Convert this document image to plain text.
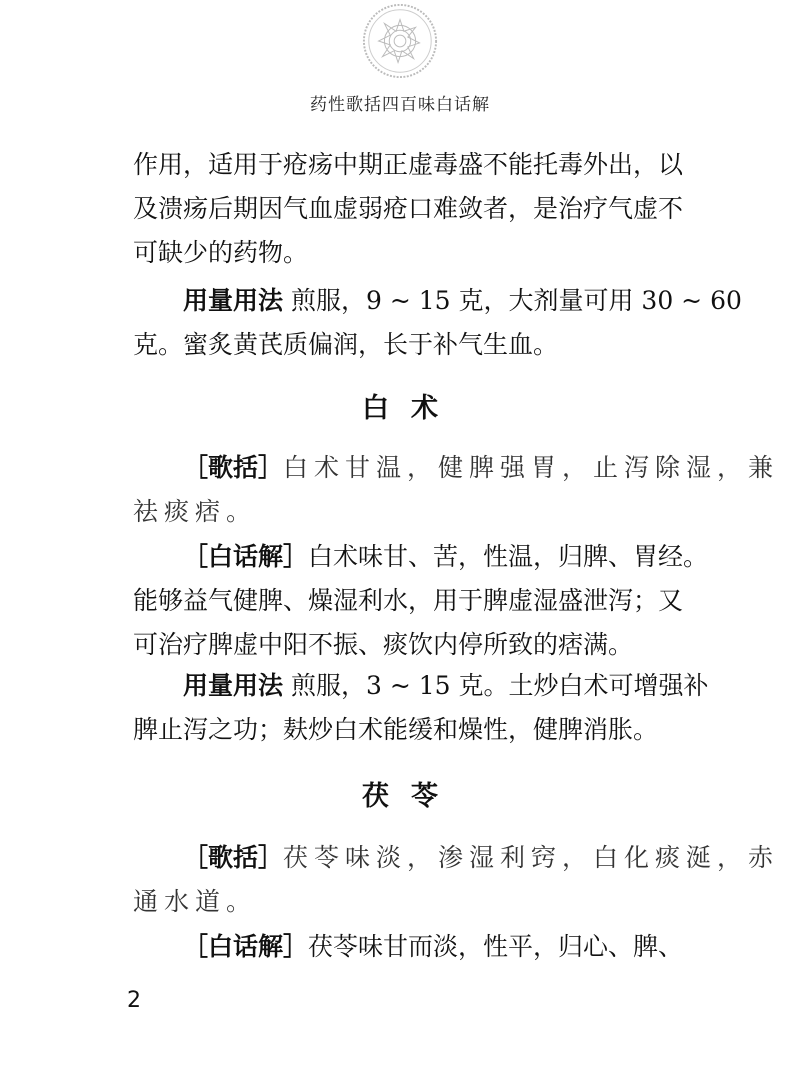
药性歌括四百味白话解
作用，适用于疮疡中期正虚毒盛不能托毒外出，以
及溃疡后期因气血虚弱疮口难敛者，是治疗气虚不
可缺少的药物。
用量用法 煎服，9 ~ 15 克，大剂量可用 30 ~ 60
克。蜜炙黄芪质偏润，长于补气生血。
白术
［歌括］白术甘温，健脾强胃，止泻除湿，兼
祛痰痞。
［白话解］白术味甘、苦，性温，归脾、胃经。
能够益气健脾、燥湿利水，用于脾虚湿盛泄泻；又
可治疗脾虚中阳不振、痰饮内停所致的痞满。
用量用法 煎服，3 ~ 15 克。土炒白术可增强补
脾止泻之功；麸炒白术能缓和燥性，健脾消胀。
茯苓
［歌括］茯苓味淡，渗湿利窍，白化痰涎，赤
通水道。
［白话解］茯苓味甘而淡，性平，归心、脾、
2
